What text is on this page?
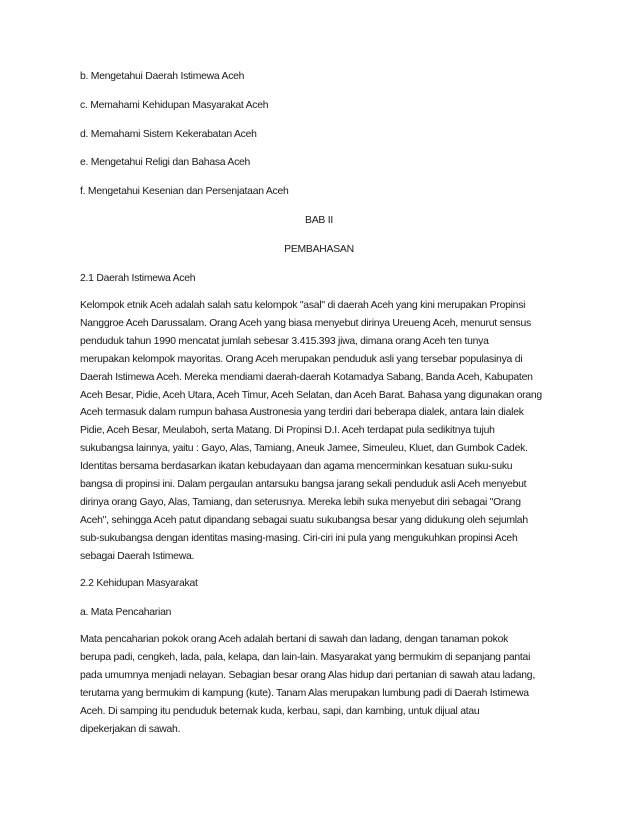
b. Mengetahui Daerah Istimewa Aceh

c. Memahami Kehidupan Masyarakat Aceh

d. Memahami Sistem Kekerabatan Aceh

e. Mengetahui Religi dan Bahasa Aceh

f. Mengetahui Kesenian dan Persenjataan Aceh

BAB II

PEMBAHASAN

2.1 Daerah Istimewa Aceh

Kelompok etnik Aceh adalah salah satu kelompok "asal" di daerah Aceh yang kini merupakan Propinsi
Nanggroe Aceh Darussalam. Orang Aceh yang biasa menyebut dirinya Ureueng Aceh, menurut sensus
penduduk tahun 1990 mencatat jumlah sebesar 3.415.393 jiwa, dimana orang Aceh ten tunya
merupakan kelompok mayoritas. Orang Aceh merupakan penduduk asli yang tersebar populasinya di
Daerah Istimewa Aceh. Mereka mendiami daerah-daerah Kotamadya Sabang, Banda Aceh, Kabupaten
Aceh Besar, Pidie, Aceh Utara, Aceh Timur, Aceh Selatan, dan Aceh Barat. Bahasa yang digunakan orang
Aceh termasuk dalam rumpun bahasa Austronesia yang terdiri dari beberapa dialek, antara lain dialek
Pidie, Aceh Besar, Meulaboh, serta Matang. Di Propinsi D.I. Aceh terdapat pula sedikitnya tujuh
sukubangsa lainnya, yaitu : Gayo, Alas, Tamiang, Aneuk Jamee, Simeuleu, Kluet, dan Gumbok Cadek.
Identitas bersama berdasarkan ikatan kebudayaan dan agama mencerminkan kesatuan suku-suku
bangsa di propinsi ini. Dalam pergaulan antarsuku bangsa jarang sekali penduduk asli Aceh menyebut
dirinya orang Gayo, Alas, Tamiang, dan seterusnya. Mereka lebih suka menyebut diri sebagai "Orang
Aceh", sehingga Aceh patut dipandang sebagai suatu sukubangsa besar yang didukung oleh sejumlah
sub-sukubangsa dengan identitas masing-masing. Ciri-ciri ini pula yang mengukuhkan propinsi Aceh
sebagai Daerah Istimewa.

2.2 Kehidupan Masyarakat

a. Mata Pencaharian

Mata pencaharian pokok orang Aceh adalah bertani di sawah dan ladang, dengan tanaman pokok
berupa padi, cengkeh, lada, pala, kelapa, dan lain-lain. Masyarakat yang bermukim di sepanjang pantai
pada umumnya menjadi nelayan. Sebagian besar orang Alas hidup dari pertanian di sawah atau ladang,
terutama yang bermukim di kampung (kute). Tanam Alas merupakan lumbung padi di Daerah Istimewa
Aceh. Di samping itu penduduk beternak kuda, kerbau, sapi, dan kambing, untuk dijual atau
dipekerjakan di sawah.
